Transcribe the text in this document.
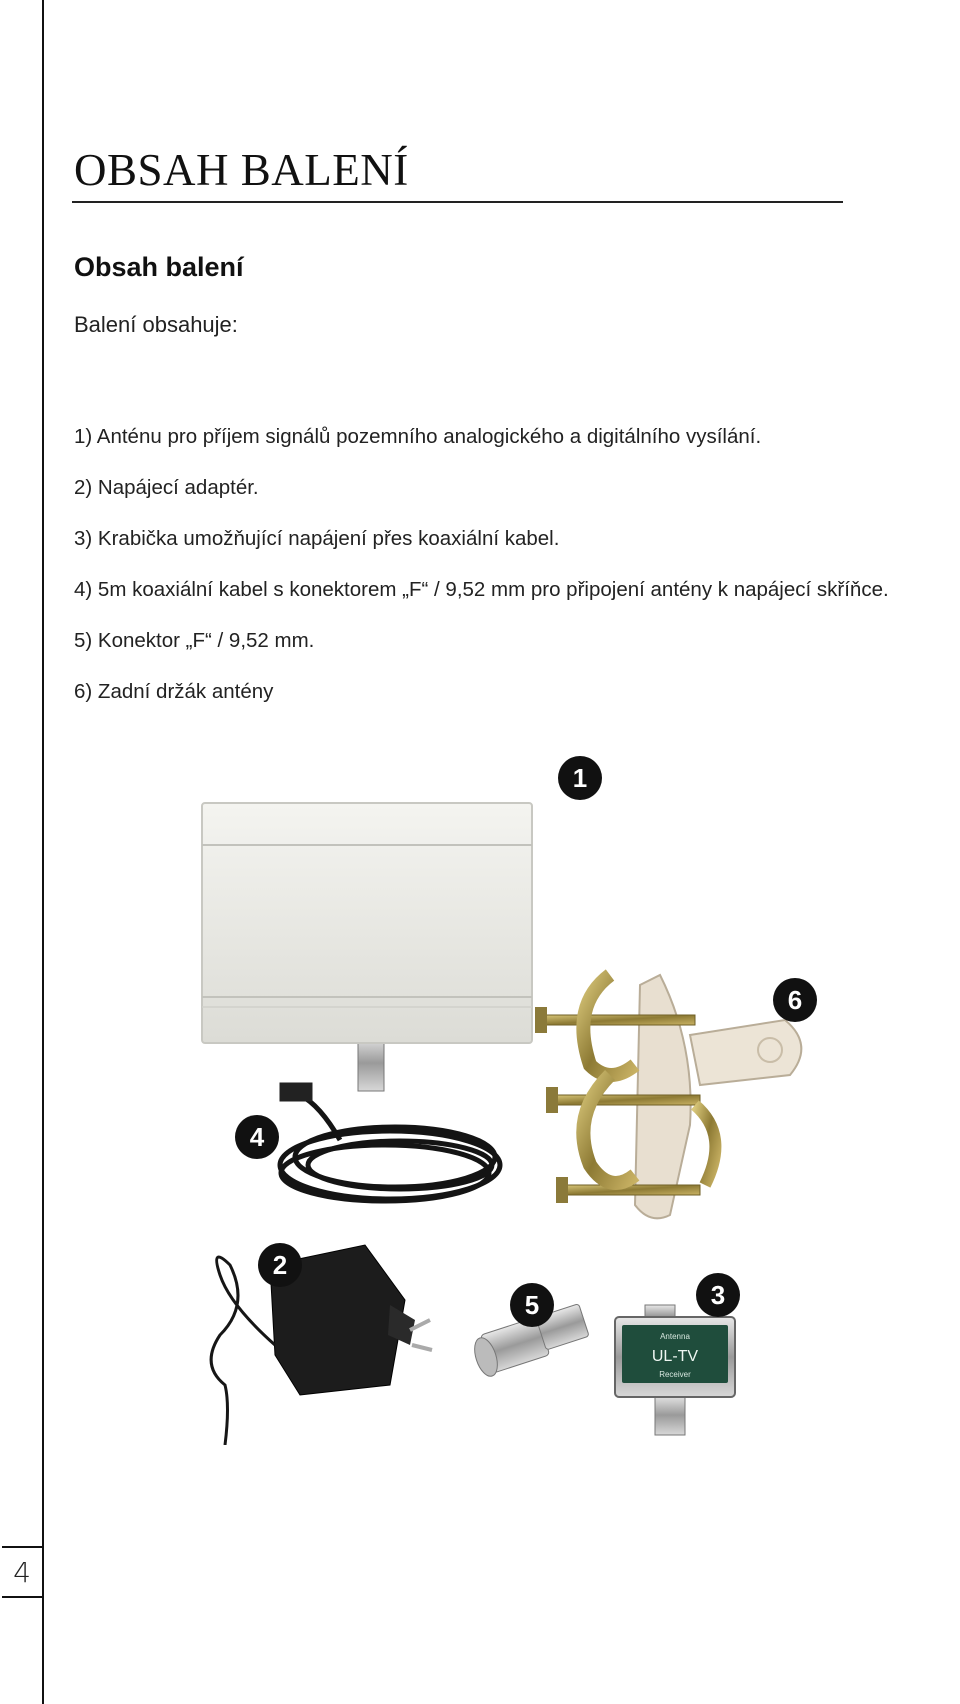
4
OBSAH BALENÍ
Obsah balení
Balení obsahuje:
1) Anténu pro příjem signálů pozemního analogického a digitálního vysílání.
2) Napájecí adaptér.
3) Krabička umožňující napájení přes koaxiální kabel.
4) 5m koaxiální kabel s konektorem „F“ / 9,52 mm pro připojení antény k napájecí skříňce.
5) Konektor „F“ / 9,52 mm.
6) Zadní držák antény
1
6
4
2
5
Antenna
UL-TV
Receiver
3
